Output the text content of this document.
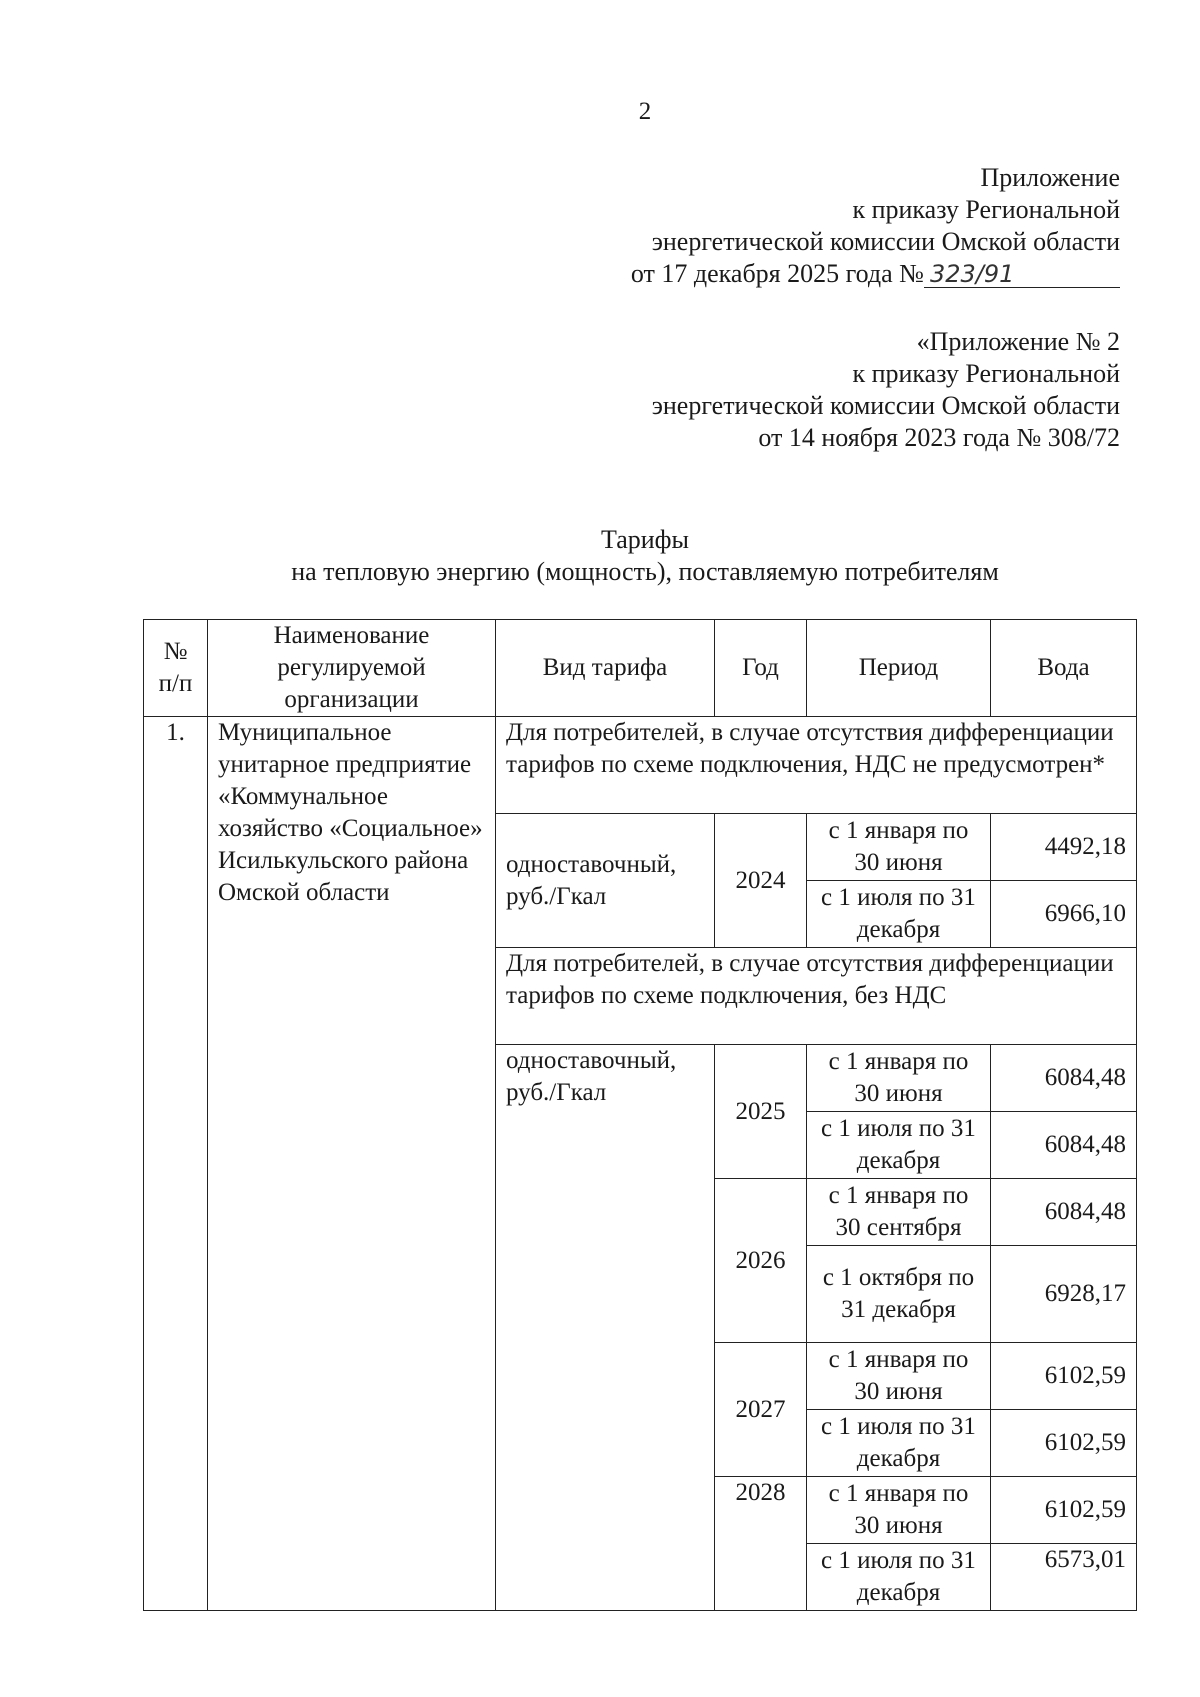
2
Приложение
к приказу Региональной
энергетической комиссии Омской области
от 17 декабря 2025 года № 323/91
«Приложение № 2
к приказу Региональной
энергетической комиссии Омской области
от 14 ноября 2023 года № 308/72
Тарифы
на тепловую энергию (мощность), поставляемую потребителям
№ п/п	Наименование регулируемой организации	Вид тарифа	Год	Период	Вода
1.	Муниципальное унитарное предприятие «Коммунальное хозяйство «Социальное» Исилькульского района Омской области	Для потребителей, в случае отсутствия дифференциации тарифов по схеме подключения, НДС не предусмотрен*			
		одноставочный, руб./Гкал	2024	с 1 января по 30 июня	4492,18
				с 1 июля по 31 декабря	6966,10
		Для потребителей, в случае отсутствия дифференциации тарифов по схеме подключения, без НДС			
		одноставочный, руб./Гкал	2025	с 1 января по 30 июня	6084,48
				с 1 июля по 31 декабря	6084,48
			2026	с 1 января по 30 сентября	6084,48
				с 1 октября по 31 декабря	6928,17
			2027	с 1 января по 30 июня	6102,59
				с 1 июля по 31 декабря	6102,59
			2028	с 1 января по 30 июня	6102,59
				с 1 июля по 31 декабря	6573,01
